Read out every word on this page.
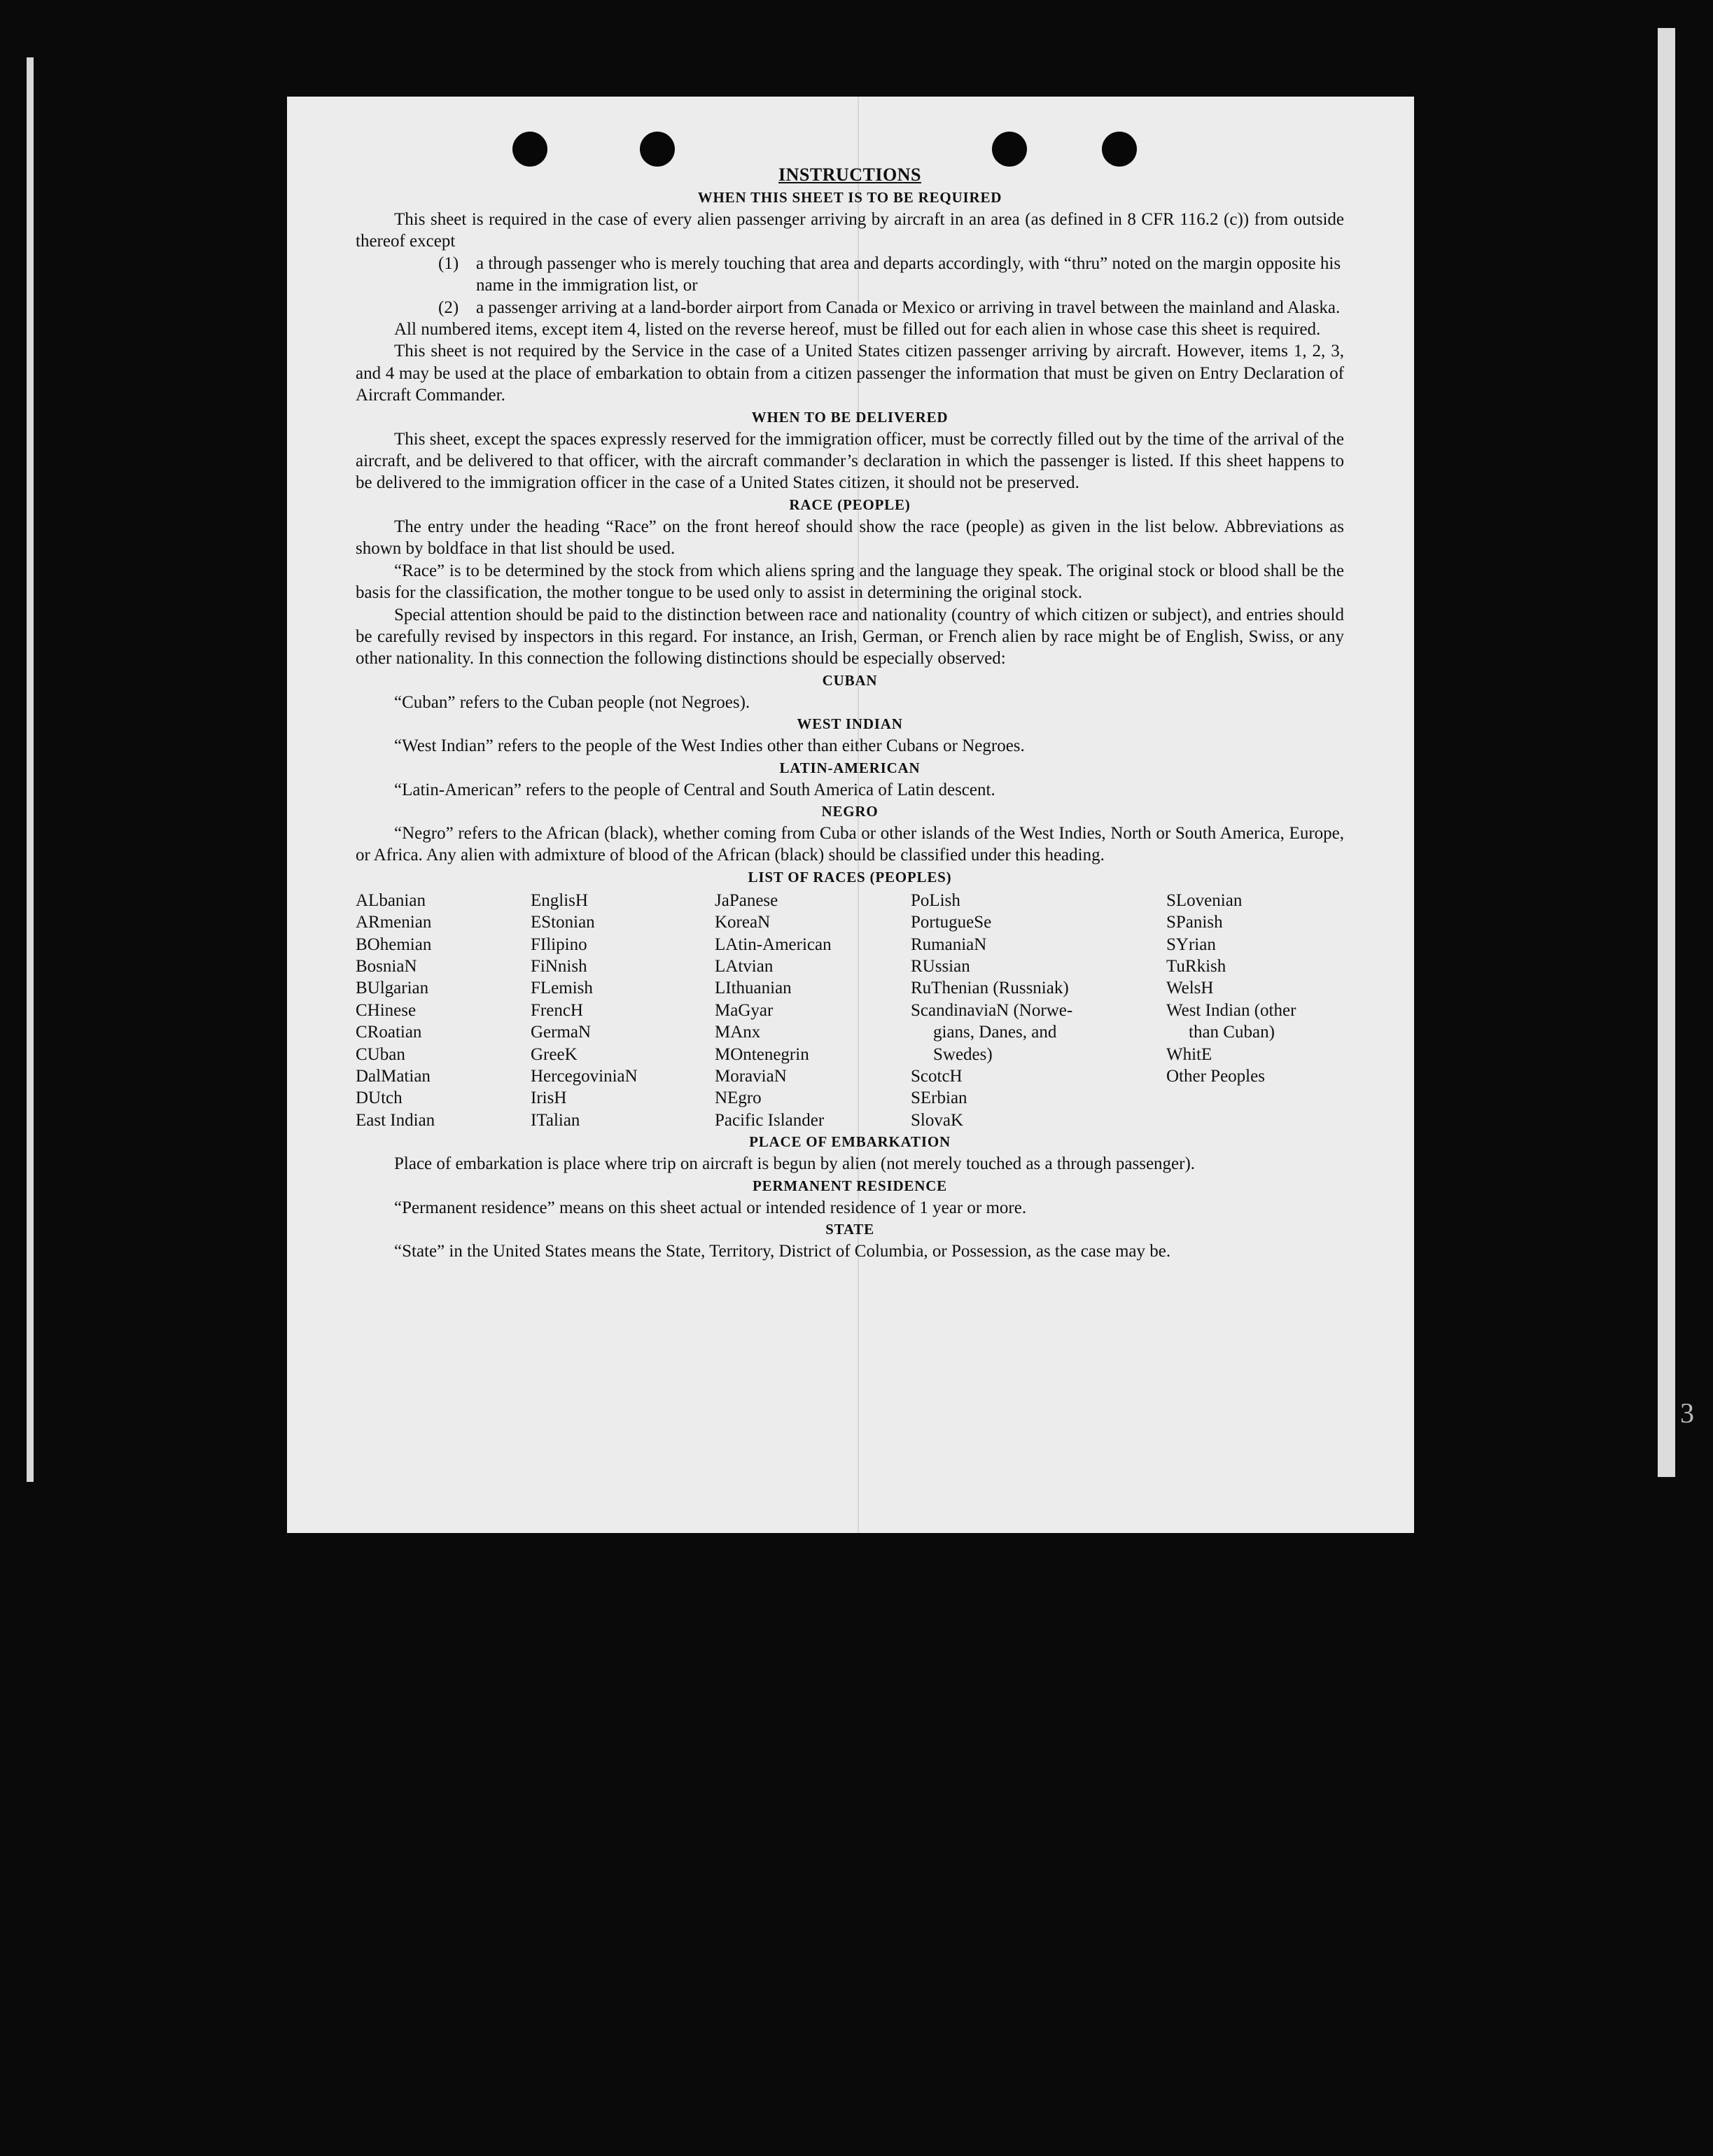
3
INSTRUCTIONS
WHEN THIS SHEET IS TO BE REQUIRED

This sheet is required in the case of every alien passenger arriving by aircraft in an area (as defined in 8 CFR 116.2 (c)) from outside thereof except

(1) a through passenger who is merely touching that area and departs accordingly, with “thru” noted on the margin opposite his name in the immigration list, or
(2) a passenger arriving at a land-border airport from Canada or Mexico or arriving in travel between the mainland and Alaska.

All numbered items, except item 4, listed on the reverse hereof, must be filled out for each alien in whose case this sheet is required.

This sheet is not required by the Service in the case of a United States citizen passenger arriving by aircraft. However, items 1, 2, 3, and 4 may be used at the place of embarkation to obtain from a citizen passenger the information that must be given on Entry Declaration of Aircraft Commander.

WHEN TO BE DELIVERED

This sheet, except the spaces expressly reserved for the immigration officer, must be correctly filled out by the time of the arrival of the aircraft, and be delivered to that officer, with the aircraft commander’s declaration in which the passenger is listed. If this sheet happens to be delivered to the immigration officer in the case of a United States citizen, it should not be preserved.

RACE (PEOPLE)

The entry under the heading “Race” on the front hereof should show the race (people) as given in the list below. Abbreviations as shown by boldface in that list should be used.

“Race” is to be determined by the stock from which aliens spring and the language they speak. The original stock or blood shall be the basis for the classification, the mother tongue to be used only to assist in determining the original stock.

Special attention should be paid to the distinction between race and nationality (country of which citizen or subject), and entries should be carefully revised by inspectors in this regard. For instance, an Irish, German, or French alien by race might be of English, Swiss, or any other nationality. In this connection the following distinctions should be especially observed:

CUBAN

“Cuban” refers to the Cuban people (not Negroes).

WEST INDIAN

“West Indian” refers to the people of the West Indies other than either Cubans or Negroes.

LATIN-AMERICAN

“Latin-American” refers to the people of Central and South America of Latin descent.

NEGRO

“Negro” refers to the African (black), whether coming from Cuba or other islands of the West Indies, North or South America, Europe, or Africa. Any alien with admixture of blood of the African (black) should be classified under this heading.

LIST OF RACES (PEOPLES)
ALbanian
ARmenian
BOhemian
BosniaN
BUlgarian
CHinese
CRoatian
CUban
DalMatian
DUtch
East Indian
EnglisH
EStonian
FIlipino
FiNnish
FLemish
FrencH
GermaN
GreeK
HercegoviniaN
IrisH
ITalian
JaPanese
KoreaN
LAtin-American
LAtvian
LIthuanian
MaGyar
MAnx
MOntenegrin
MoraviaN
NEgro
Pacific Islander
PoLish
PortugueSe
RumaniaN
RUssian
RuThenian (Russniak)
ScandinaviaN (Norwe-
gians, Danes, and
Swedes)
ScotcH
SErbian
SlovaK
SLovenian
SPanish
SYrian
TuRkish
WelsH
West Indian (other
than Cuban)
WhitE
Other Peoples
PLACE OF EMBARKATION

Place of embarkation is place where trip on aircraft is begun by alien (not merely touched as a through passenger).

PERMANENT RESIDENCE

“Permanent residence” means on this sheet actual or intended residence of 1 year or more.

STATE

“State” in the United States means the State, Territory, District of Columbia, or Possession, as the case may be.
